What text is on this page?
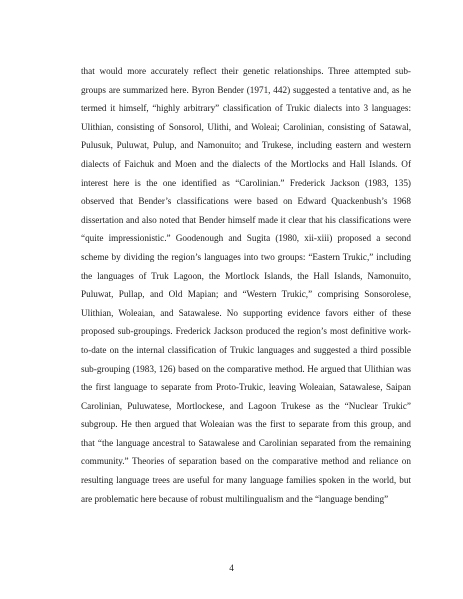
that would more accurately reflect their genetic relationships. Three attempted sub-
groups are summarized here. Byron Bender (1971, 442) suggested a tentative and, as he
termed it himself, “highly arbitrary” classification of Trukic dialects into 3 languages:
Ulithian, consisting of Sonsorol, Ulithi, and Woleai; Carolinian, consisting of Satawal,
Pulusuk, Puluwat, Pulup, and Namonuito; and Trukese, including eastern and western
dialects of Faichuk and Moen and the dialects of the Mortlocks and Hall Islands. Of
interest here is the one identified as “Carolinian.” Frederick Jackson (1983, 135)
observed that Bender’s classifications were based on Edward Quackenbush’s 1968
dissertation and also noted that Bender himself made it clear that his classifications were
“quite impressionistic.” Goodenough and Sugita (1980, xii-xiii) proposed a second
scheme by dividing the region’s languages into two groups: “Eastern Trukic,” including
the languages of Truk Lagoon, the Mortlock Islands, the Hall Islands, Namonuito,
Puluwat, Pullap, and Old Mapian; and “Western Trukic,” comprising Sonsorolese,
Ulithian, Woleaian, and Satawalese. No supporting evidence favors either of these
proposed sub-groupings. Frederick Jackson produced the region’s most definitive work-
to-date on the internal classification of Trukic languages and suggested a third possible
sub-grouping (1983, 126) based on the comparative method. He argued that Ulithian was
the first language to separate from Proto-Trukic, leaving Woleaian, Satawalese, Saipan
Carolinian, Puluwatese, Mortlockese, and Lagoon Trukese as the “Nuclear Trukic”
subgroup. He then argued that Woleaian was the first to separate from this group, and
that “the language ancestral to Satawalese and Carolinian separated from the remaining
community.” Theories of separation based on the comparative method and reliance on
resulting language trees are useful for many language families spoken in the world, but
are problematic here because of robust multilingualism and the “language bending”
4
